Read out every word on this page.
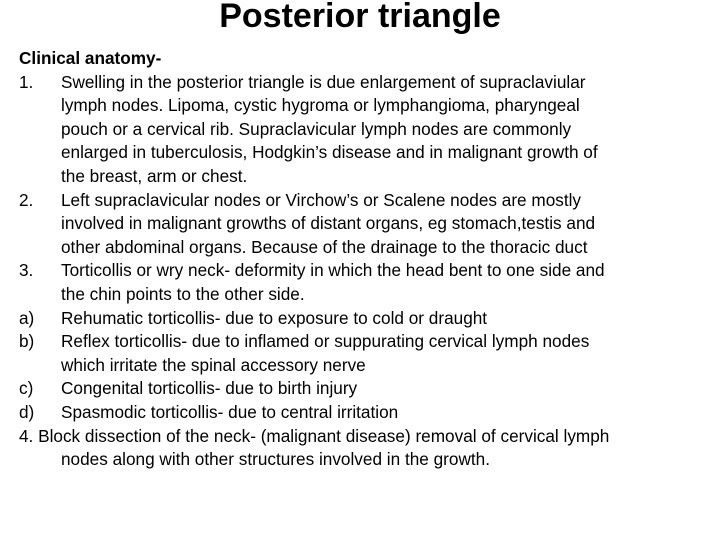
Posterior triangle
Clinical anatomy-
1.	Swelling in the posterior triangle is due enlargement of supraclaviular
lymph nodes. Lipoma, cystic hygroma or lymphangioma, pharyngeal
pouch or a cervical rib. Supraclavicular lymph nodes are commonly
enlarged in tuberculosis, Hodgkin’s disease and in malignant growth of
the breast, arm or chest.
2.	Left supraclavicular nodes or Virchow’s or Scalene nodes are mostly
involved in malignant growths of distant organs, eg stomach,testis and
other abdominal organs. Because of the drainage to the thoracic duct
3.	Torticollis or wry neck- deformity in which the head bent to one side and
the chin points to the other side.
a)	Rehumatic torticollis- due to exposure to cold or draught
b)	Reflex torticollis- due to inflamed or suppurating cervical lymph nodes
which irritate the spinal accessory nerve
c)	Congenital torticollis- due to birth injury
d)	Spasmodic torticollis- due to central irritation
4. Block dissection of the neck- (malignant disease) removal of cervical lymph
nodes along with other structures involved in the growth.
